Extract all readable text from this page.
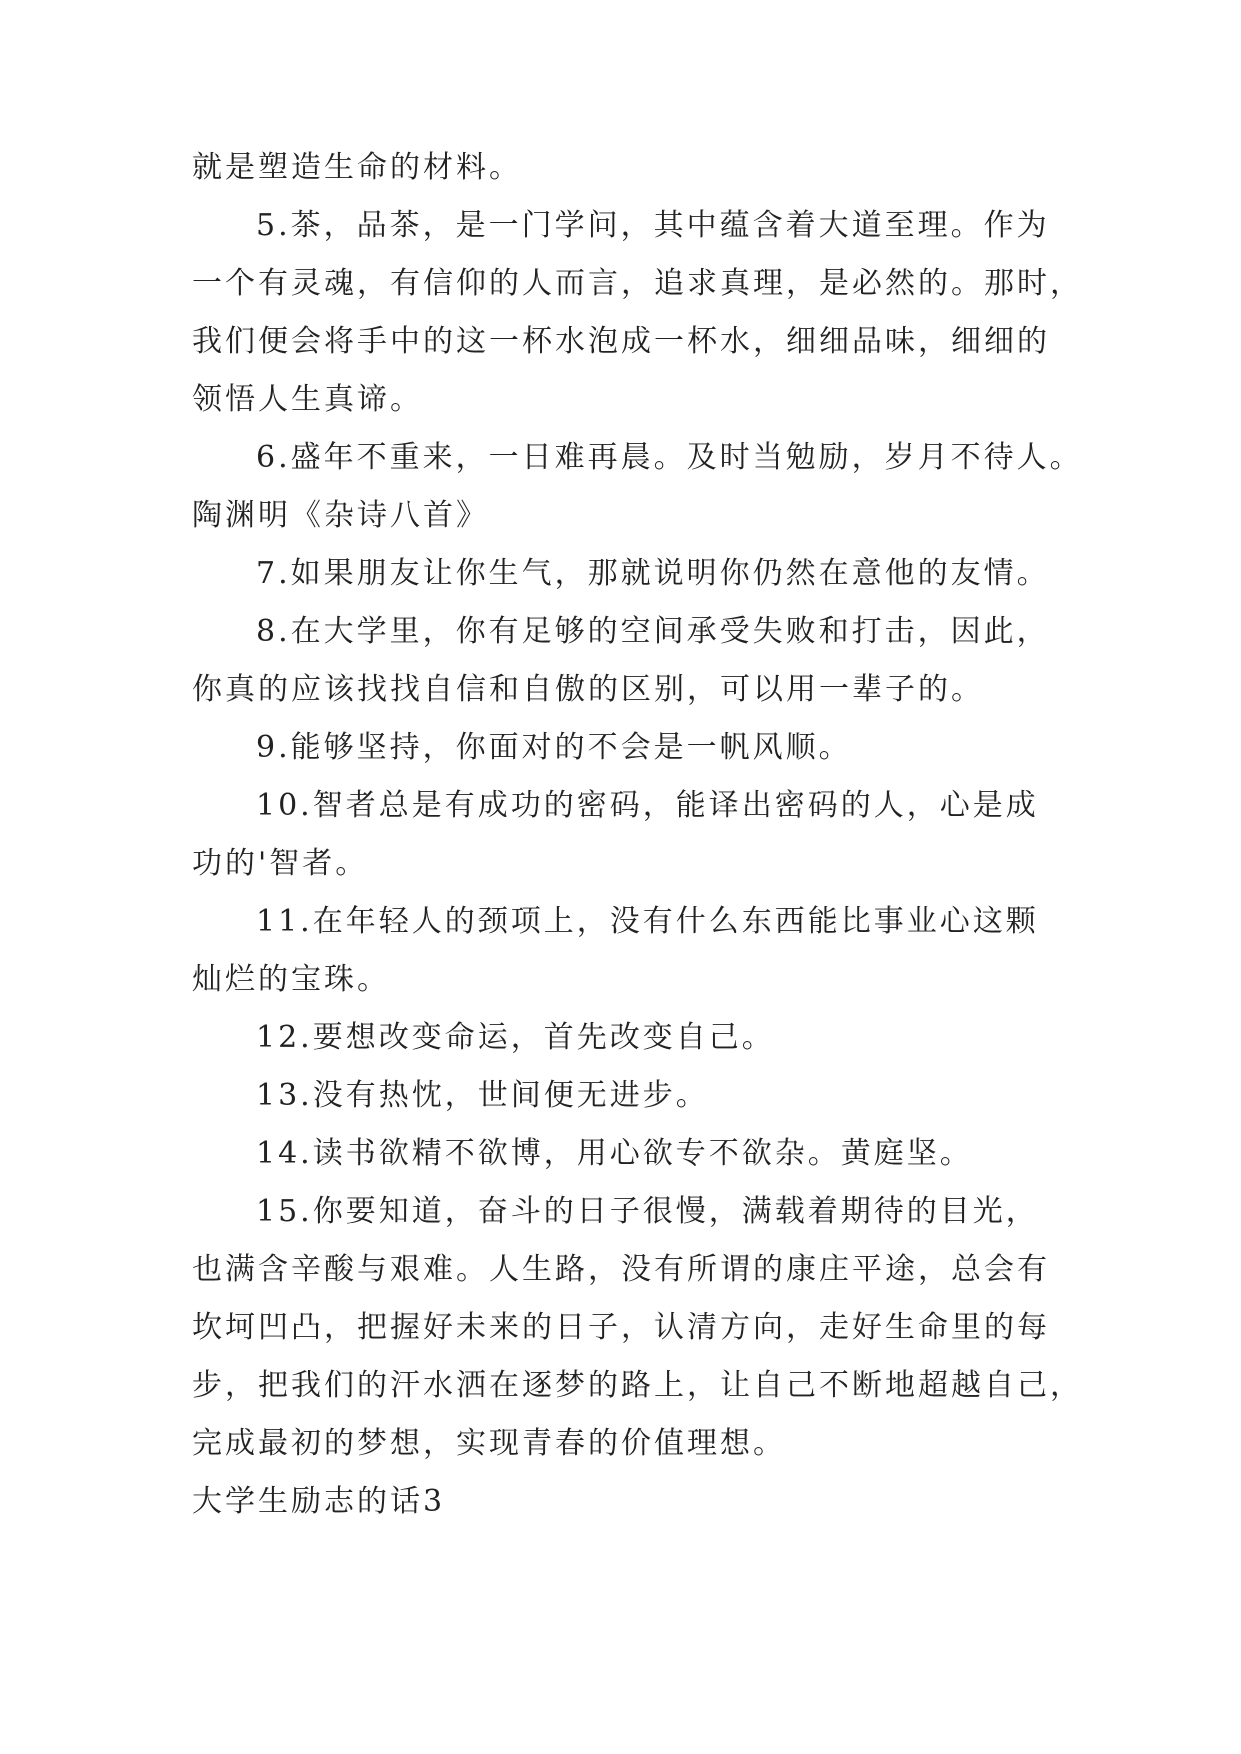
就是塑造生命的材料。
5.茶，品茶，是一门学问，其中蕴含着大道至理。作为
一个有灵魂，有信仰的人而言，追求真理，是必然的。那时，
我们便会将手中的这一杯水泡成一杯水，细细品味，细细的
领悟人生真谛。
6.盛年不重来，一日难再晨。及时当勉励，岁月不待人。
陶渊明《杂诗八首》
7.如果朋友让你生气，那就说明你仍然在意他的友情。
8.在大学里，你有足够的空间承受失败和打击，因此，
你真的应该找找自信和自傲的区别，可以用一辈子的。
9.能够坚持，你面对的不会是一帆风顺。
10.智者总是有成功的密码，能译出密码的人，心是成
功的'智者。
11.在年轻人的颈项上，没有什么东西能比事业心这颗
灿烂的宝珠。
12.要想改变命运，首先改变自己。
13.没有热忱，世间便无进步。
14.读书欲精不欲博，用心欲专不欲杂。黄庭坚。
15.你要知道，奋斗的日子很慢，满载着期待的目光，
也满含辛酸与艰难。人生路，没有所谓的康庄平途，总会有
坎坷凹凸，把握好未来的日子，认清方向，走好生命里的每
步，把我们的汗水洒在逐梦的路上，让自己不断地超越自己，
完成最初的梦想，实现青春的价值理想。
大学生励志的话3
